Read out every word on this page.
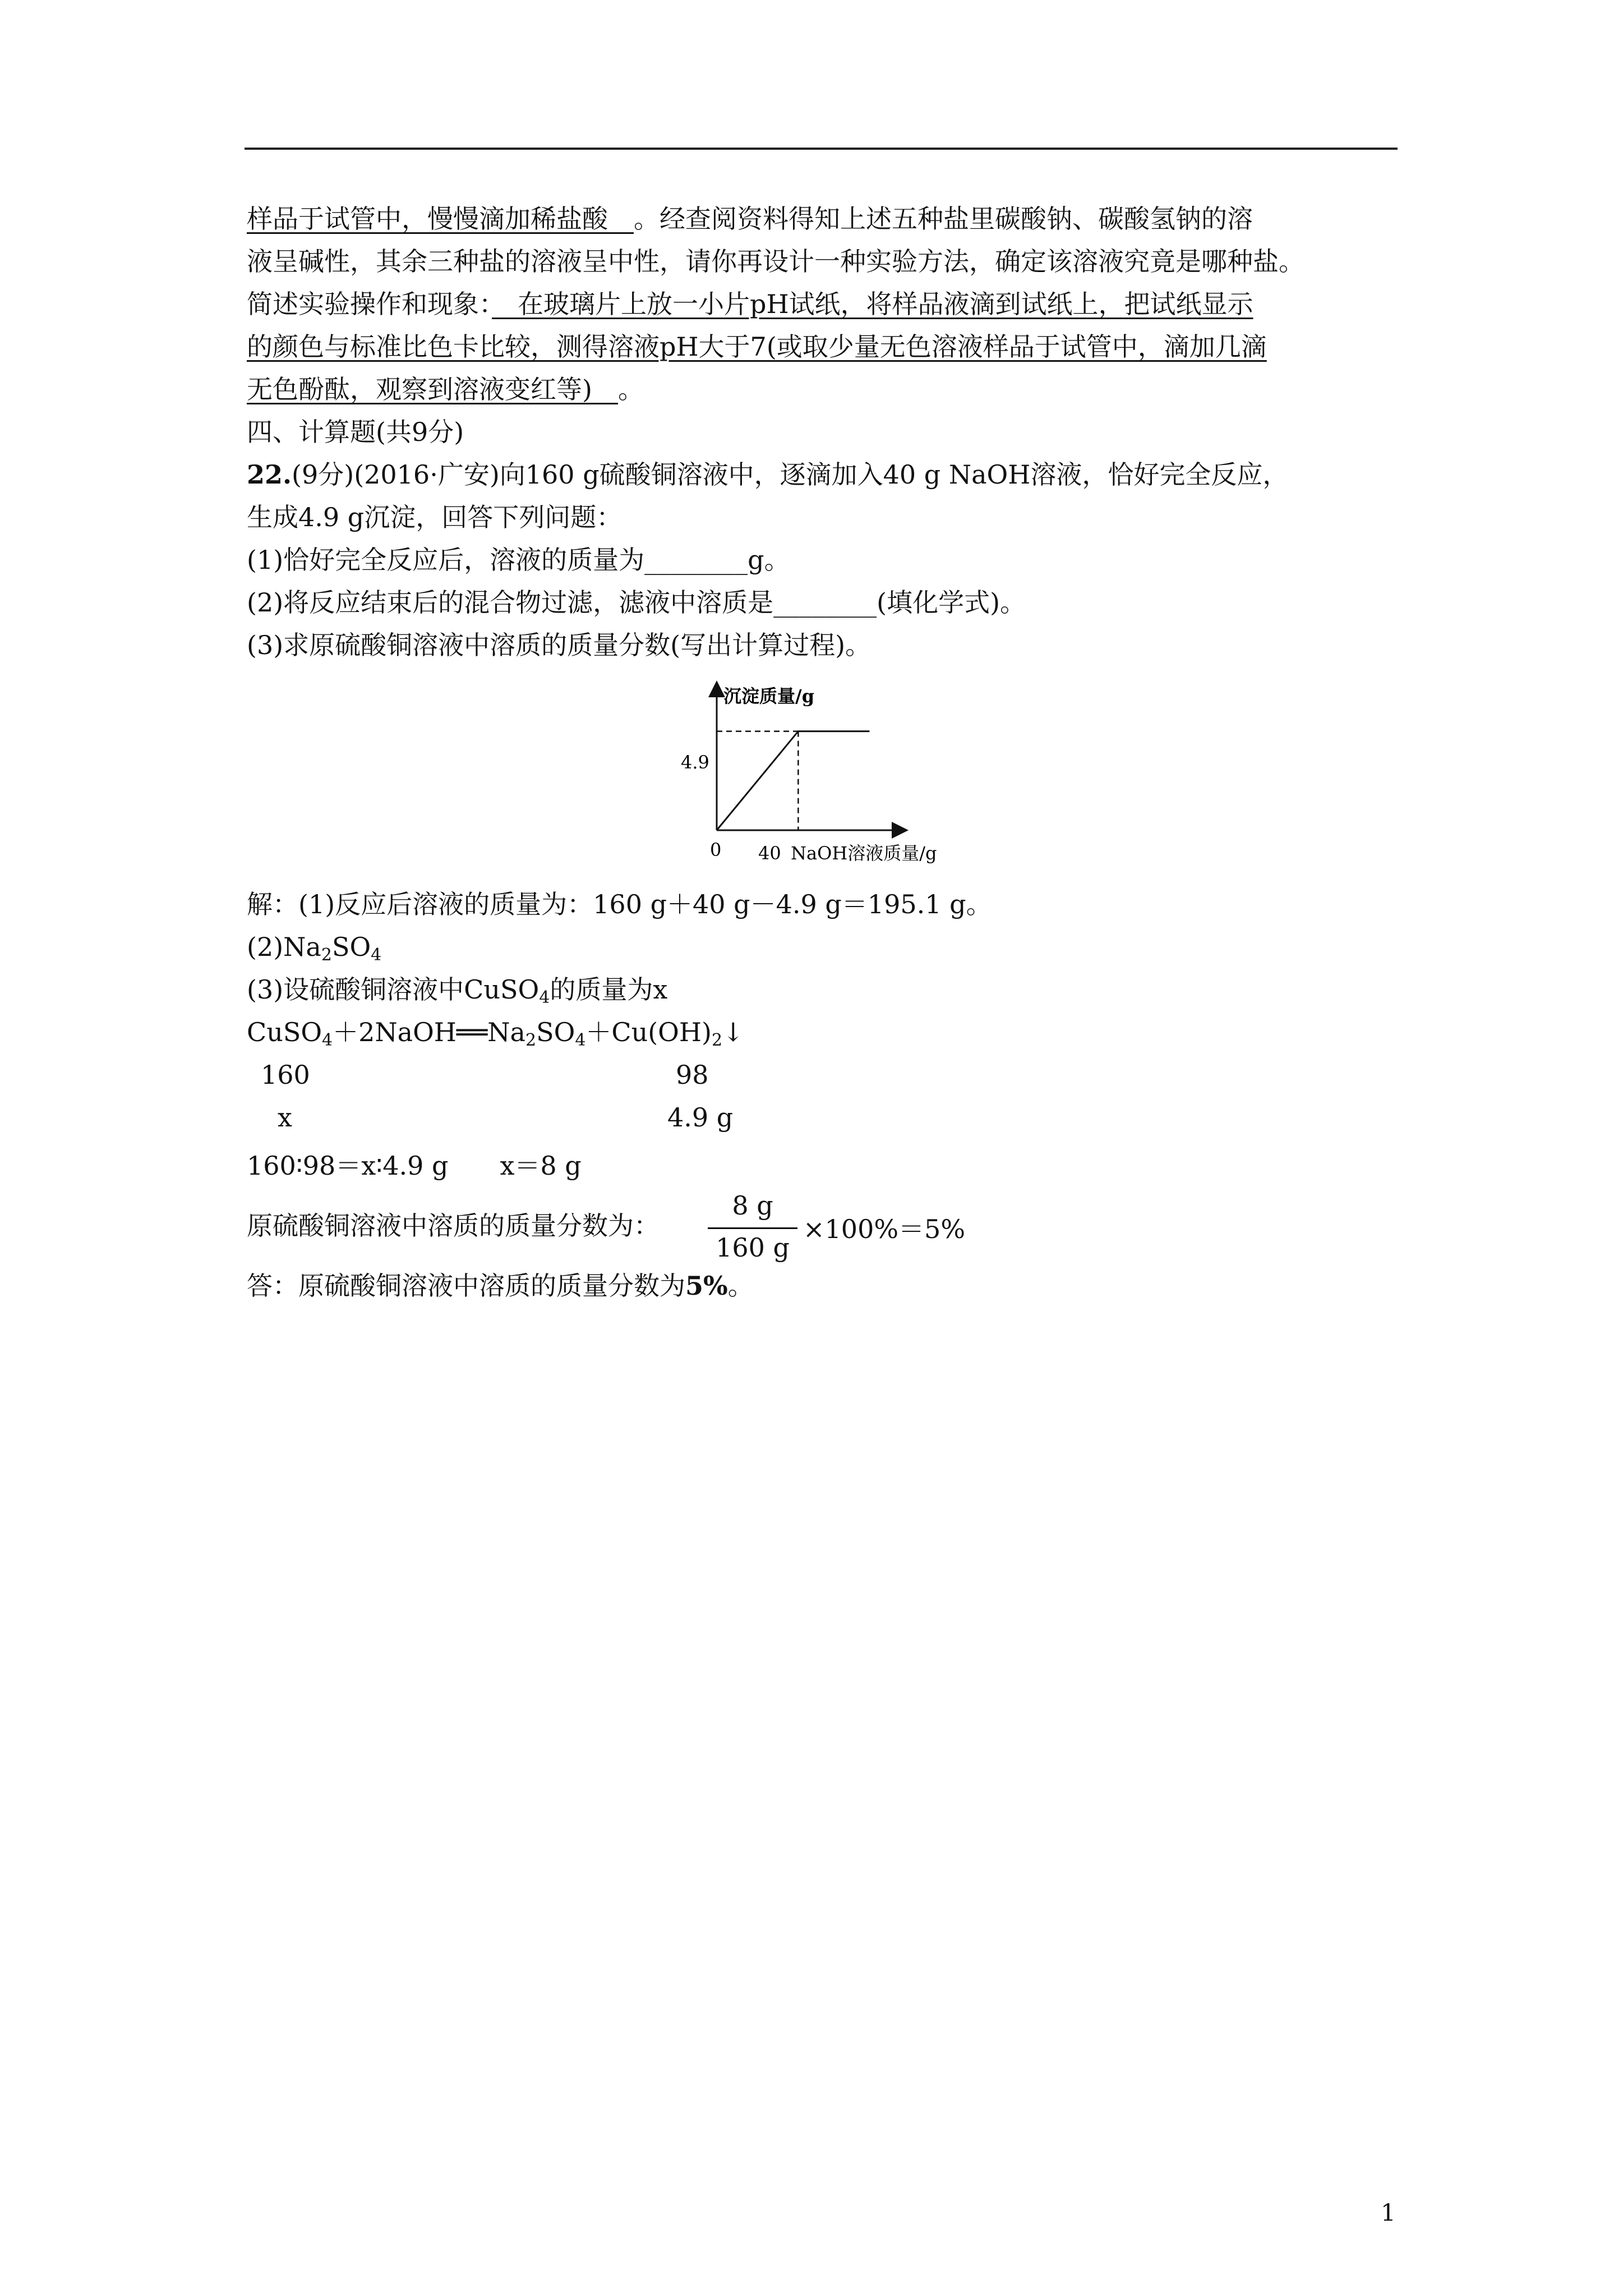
样品于试管中，慢慢滴加稀盐酸　。经查阅资料得知上述五种盐里碳酸钠、碳酸氢钠的溶
液呈碱性，其余三种盐的溶液呈中性，请你再设计一种实验方法，确定该溶液究竟是哪种盐。
简述实验操作和现象：　在玻璃片上放一小片pH试纸，将样品液滴到试纸上，把试纸显示
的颜色与标准比色卡比较，测得溶液pH大于7(或取少量无色溶液样品于试管中，滴加几滴
无色酚酞，观察到溶液变红等)　。
四、计算题(共9分)
22.(9分)(2016·广安)向160 g硫酸铜溶液中，逐滴加入40 g NaOH溶液，恰好完全反应，
生成4.9 g沉淀，回答下列问题：
(1)恰好完全反应后，溶液的质量为________g。
(2)将反应结束后的混合物过滤，滤液中溶质是________(填化学式)。
(3)求原硫酸铜溶液中溶质的质量分数(写出计算过程)。
沉淀质量/g
NaOH溶液质量/g
0 40
4.9
解：(1)反应后溶液的质量为：160 g＋40 g－4.9 g＝195.1 g。
$(2)Na_2SO_4$
(3)设硫酸铜溶液中CuSO$_4$的质量为x
$CuSO_4+2NaOH══Na_2SO_4+Cu(OH)_2↓$
160	98
x	4.9 g
160∶98＝x∶4.9 g　　x＝8 g
原硫酸铜溶液中溶质的质量分数为：
8 g
160 g
×100%＝5%
答：原硫酸铜溶液中溶质的质量分数为5%。
1
